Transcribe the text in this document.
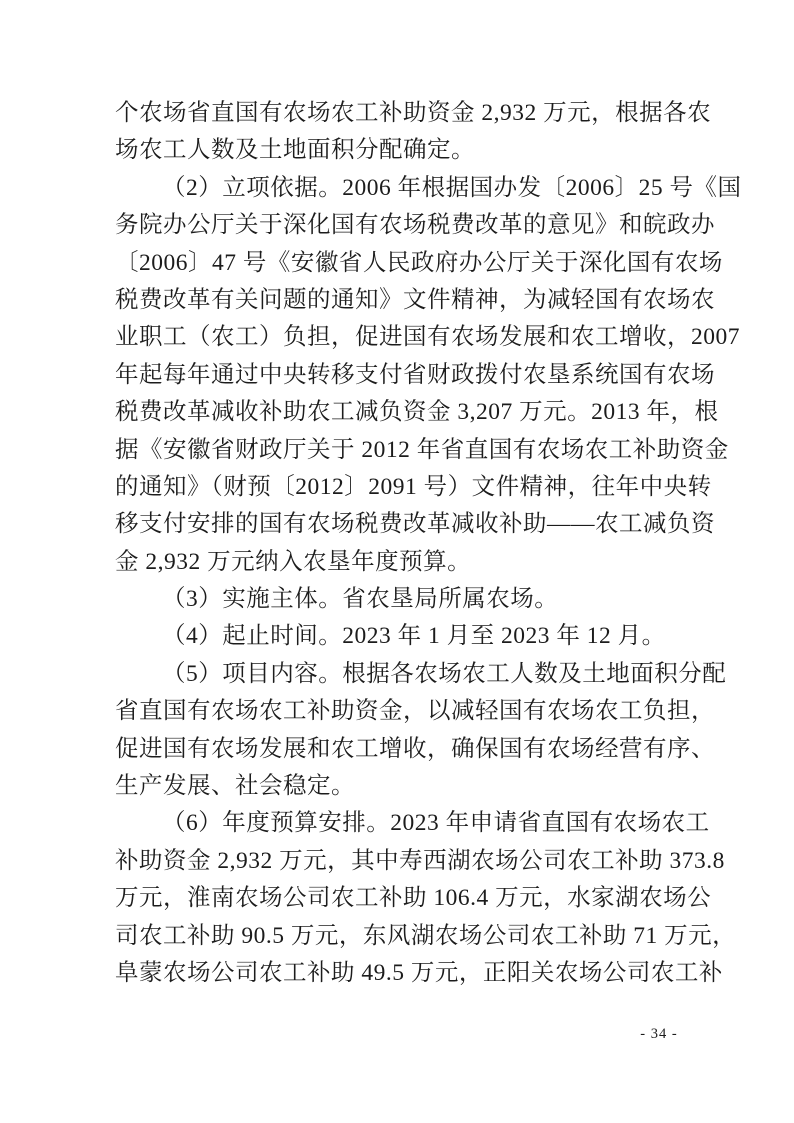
个农场省直国有农场农工补助资金 2,932 万元，根据各农
场农工人数及土地面积分配确定。
（2）立项依据。2006 年根据国办发〔2006〕25 号《国
务院办公厅关于深化国有农场税费改革的意见》和皖政办
〔2006〕47 号《安徽省人民政府办公厅关于深化国有农场
税费改革有关问题的通知》文件精神，为减轻国有农场农
业职工（农工）负担，促进国有农场发展和农工增收，2007
年起每年通过中央转移支付省财政拨付农垦系统国有农场
税费改革减收补助农工减负资金 3,207 万元。2013 年，根
据《安徽省财政厅关于 2012 年省直国有农场农工补助资金
的通知》（财预〔2012〕2091 号）文件精神，往年中央转
移支付安排的国有农场税费改革减收补助——农工减负资
金 2,932 万元纳入农垦年度预算。
（3）实施主体。省农垦局所属农场。
（4）起止时间。2023 年 1 月至 2023 年 12 月。
（5）项目内容。根据各农场农工人数及土地面积分配
省直国有农场农工补助资金，以减轻国有农场农工负担，
促进国有农场发展和农工增收，确保国有农场经营有序、
生产发展、社会稳定。
（6）年度预算安排。2023 年申请省直国有农场农工
补助资金 2,932 万元，其中寿西湖农场公司农工补助 373.8
万元，淮南农场公司农工补助 106.4 万元，水家湖农场公
司农工补助 90.5 万元，东风湖农场公司农工补助 71 万元，
阜蒙农场公司农工补助 49.5 万元，正阳关农场公司农工补
- 34 -
